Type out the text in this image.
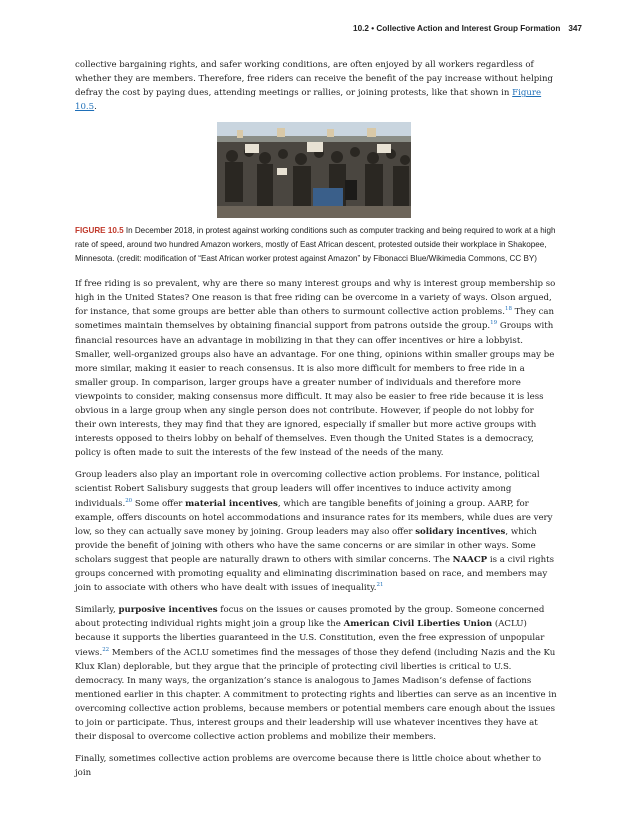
10.2 • Collective Action and Interest Group Formation 347

collective bargaining rights, and safer working conditions, are often enjoyed by all workers regardless of whether they are members. Therefore, free riders can receive the benefit of the pay increase without helping defray the cost by paying dues, attending meetings or rallies, or joining protests, like that shown in Figure 10.5.

FIGURE 10.5 In December 2018, in protest against working conditions such as computer tracking and being required to work at a high rate of speed, around two hundred Amazon workers, mostly of East African descent, protested outside their workplace in Shakopee, Minnesota. (credit: modification of “East African worker protest against Amazon” by Fibonacci Blue/Wikimedia Commons, CC BY)

If free riding is so prevalent, why are there so many interest groups and why is interest group membership so high in the United States? One reason is that free riding can be overcome in a variety of ways. Olson argued, for instance, that some groups are better able than others to surmount collective action problems.$^{18}$ They can sometimes maintain themselves by obtaining financial support from patrons outside the group.$^{19}$ Groups with financial resources have an advantage in mobilizing in that they can offer incentives or hire a lobbyist. Smaller, well-organized groups also have an advantage. For one thing, opinions within smaller groups may be more similar, making it easier to reach consensus. It is also more difficult for members to free ride in a smaller group. In comparison, larger groups have a greater number of individuals and therefore more viewpoints to consider, making consensus more difficult. It may also be easier to free ride because it is less obvious in a large group when any single person does not contribute. However, if people do not lobby for their own interests, they may find that they are ignored, especially if smaller but more active groups with interests opposed to theirs lobby on behalf of themselves. Even though the United States is a democracy, policy is often made to suit the interests of the few instead of the needs of the many.

Group leaders also play an important role in overcoming collective action problems. For instance, political scientist Robert Salisbury suggests that group leaders will offer incentives to induce activity among individuals.$^{20}$ Some offer material incentives, which are tangible benefits of joining a group. AARP, for example, offers discounts on hotel accommodations and insurance rates for its members, while dues are very low, so they can actually save money by joining. Group leaders may also offer solidary incentives, which provide the benefit of joining with others who have the same concerns or are similar in other ways. Some scholars suggest that people are naturally drawn to others with similar concerns. The NAACP is a civil rights groups concerned with promoting equality and eliminating discrimination based on race, and members may join to associate with others who have dealt with issues of inequality.$^{21}$

Similarly, purposive incentives focus on the issues or causes promoted by the group. Someone concerned about protecting individual rights might join a group like the American Civil Liberties Union (ACLU) because it supports the liberties guaranteed in the U.S. Constitution, even the free expression of unpopular views.$^{22}$ Members of the ACLU sometimes find the messages of those they defend (including Nazis and the Ku Klux Klan) deplorable, but they argue that the principle of protecting civil liberties is critical to U.S. democracy. In many ways, the organization’s stance is analogous to James Madison’s defense of factions mentioned earlier in this chapter. A commitment to protecting rights and liberties can serve as an incentive in overcoming collective action problems, because members or potential members care enough about the issues to join or participate. Thus, interest groups and their leadership will use whatever incentives they have at their disposal to overcome collective action problems and mobilize their members.

Finally, sometimes collective action problems are overcome because there is little choice about whether to join
